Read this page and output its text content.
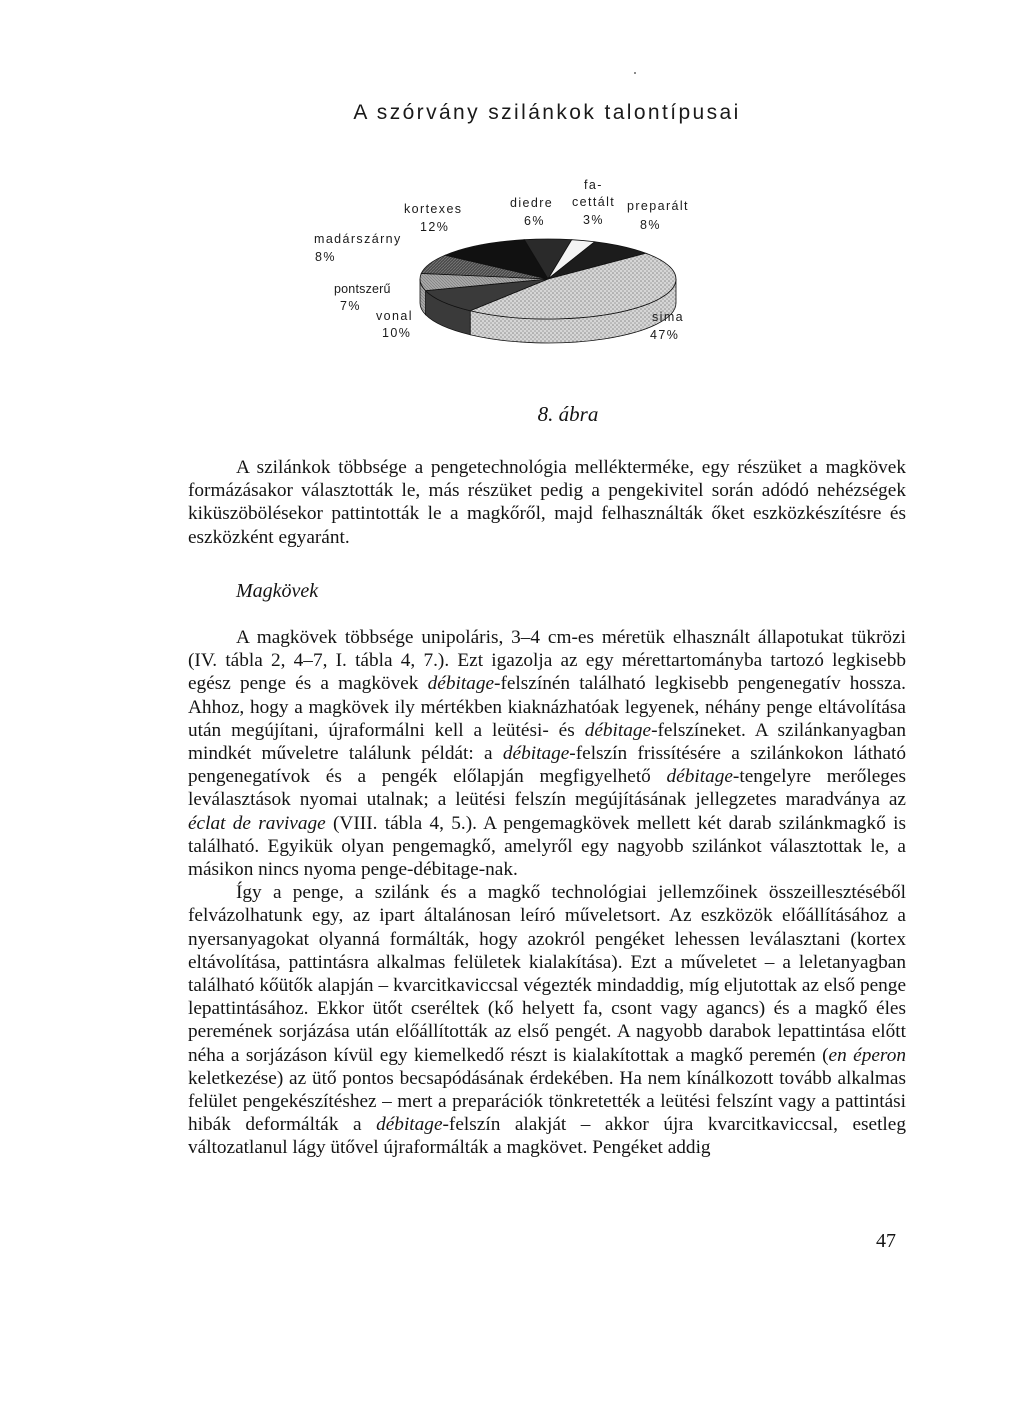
A szórvány szilánkok talontípusai
kortexes
12%
madárszárny
8%
pontszerű
7%
vonal
10%
diedre
6%
fa-
cettált
3%
preparált
8%
sima
47%
8. ábra

A szilánkok többsége a pengetechnológia melléktermékе, egy részüket a magkövek formázásakor választották le, más részüket pedig a pengekivitel során adódó nehézségek kiküszöbölésekor pattintották le a magkőről, majd felhasználták őket eszközkészítésre és eszközként egyaránt.

Magkövek

A magkövek többsége unipoláris, 3–4 cm-es méretük elhasznált állapotukat tükrözi (IV. tábla 2, 4–7, I. tábla 4, 7.). Ezt igazolja az egy mérettartományba tartozó legkisebb egész penge és a magkövek débitage-felszínén található legkisebb pengenegatív hossza. Ahhoz, hogy a magkövek ily mértékben kiaknázhatóak legyenek, néhány penge eltávolítása után megújítani, újraformálni kell a leütési- és débitage-felszíneket. A szilánkanyagban mindkét műveletre találunk példát: a débitage-felszín frissítésére a szilánkokon látható pengenegatívok és a pengék előlapján megfigyelhető débitage-tengelyre merőleges leválasztások nyomai utalnak; a leütési felszín megújításának jellegzetes maradványa az éclat de ravivage (VIII. tábla 4, 5.). A pengemagkövek mellett két darab szilánkmagkő is található. Egyikük olyan pengemagkő, amelyről egy nagyobb szilánkot választottak le, a másikon nincs nyoma penge-débitage-nak.

Így a penge, a szilánk és a magkő technológiai jellemzőinek összeillesztéséből felvázolhatunk egy, az ipart általánosan leíró műveletsort. Az eszközök előállításához a nyersanyagokat olyanná formálták, hogy azokról pengéket lehessen leválasztani (kortex eltávolítása, pattintásra alkalmas felületek kialakítása). Ezt a műveletet – a leletanyagban található kőütők alapján – kvarcitkaviccsal végezték mindaddig, míg eljutottak az első penge lepattintásához. Ekkor ütőt cseréltek (kő helyett fa, csont vagy agancs) és a magkő éles peremének sorjázása után előállították az első pengét. A nagyobb darabok lepattintása előtt néha a sorjázáson kívül egy kiemelkedő részt is kialakítottak a magkő peremén (en éperon keletkezése) az ütő pontos becsapódásának érdekében. Ha nem kínálkozott tovább alkalmas felület pengekészítéshez – mert a preparációk tönkretették a leütési felszínt vagy a pattintási hibák deformálták a débitage-felszín alakját – akkor újra kvarcitkaviccsal, esetleg változatlanul lágy ütővel újraformálták a magkövet. Pengéket addig

47
